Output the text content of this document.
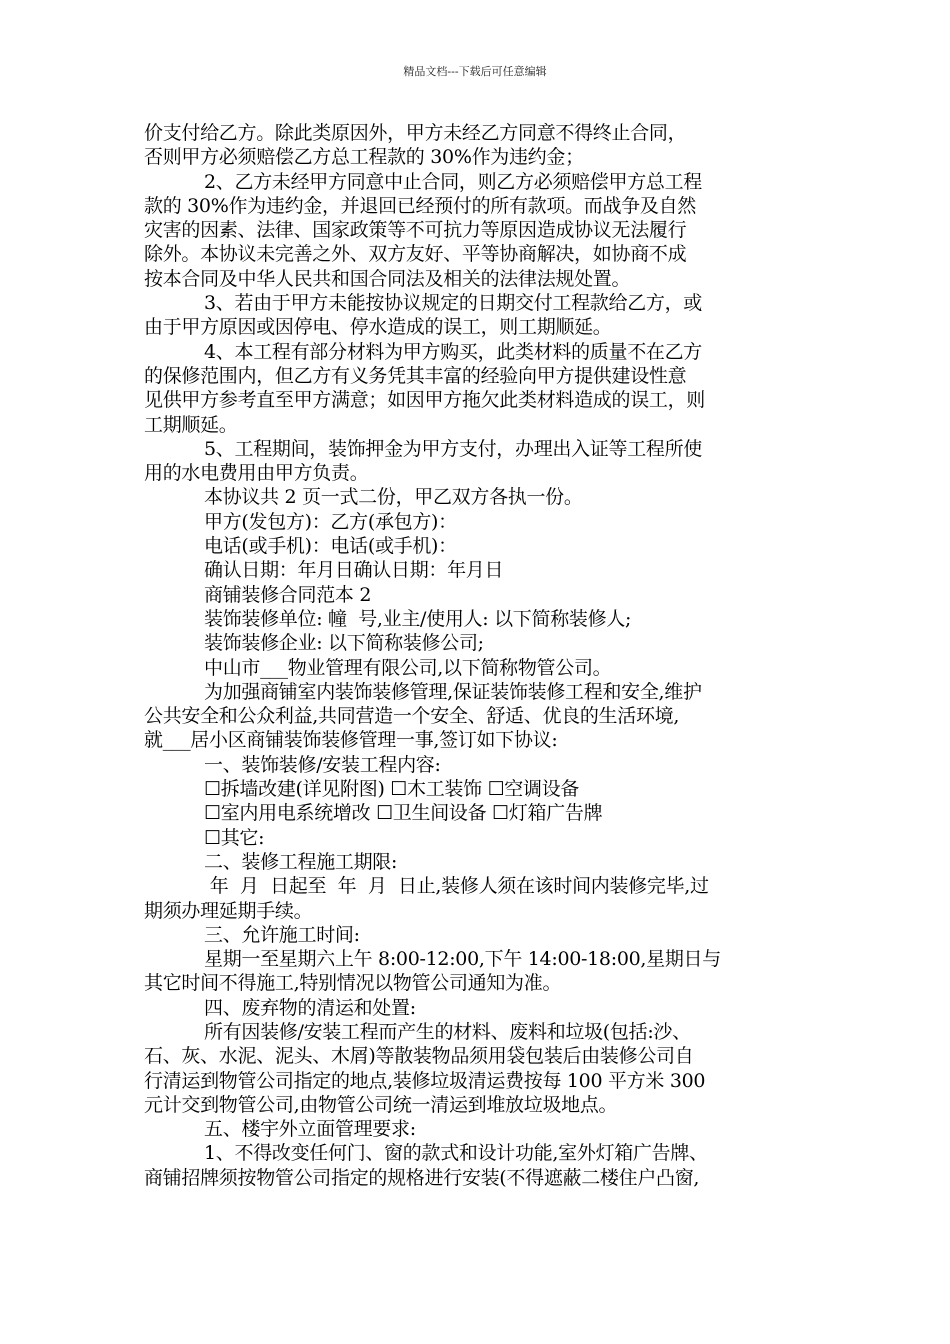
精品文档---下载后可任意编辑
价支付给乙方。除此类原因外，甲方未经乙方同意不得终止合同，
否则甲方必须赔偿乙方总工程款的 30%作为违约金；
2、乙方未经甲方同意中止合同，则乙方必须赔偿甲方总工程
款的 30%作为违约金，并退回已经预付的所有款项。而战争及自然
灾害的因素、法律、国家政策等不可抗力等原因造成协议无法履行
除外。本协议未完善之外、双方友好、平等协商解决，如协商不成
按本合同及中华人民共和国合同法及相关的法律法规处置。
3、若由于甲方未能按协议规定的日期交付工程款给乙方，或
由于甲方原因或因停电、停水造成的误工，则工期顺延。
4、本工程有部分材料为甲方购买，此类材料的质量不在乙方
的保修范围内，但乙方有义务凭其丰富的经验向甲方提供建设性意
见供甲方参考直至甲方满意；如因甲方拖欠此类材料造成的误工，则
工期顺延。
5、工程期间，装饰押金为甲方支付，办理出入证等工程所使
用的水电费用由甲方负责。
本协议共 2 页一式二份，甲乙双方各执一份。
甲方(发包方)：乙方(承包方)：
电话(或手机)：电话(或手机)：
确认日期：年月日确认日期：年月日
商铺装修合同范本 2
装饰装修单位: 幢  号,业主/使用人: 以下简称装修人;
装饰装修企业: 以下简称装修公司;
中山市___物业管理有限公司,以下简称物管公司。
为加强商铺室内装饰装修管理,保证装饰装修工程和安全,维护
公共安全和公众利益,共同营造一个安全、舒适、优良的生活环境,
就___居小区商铺装饰装修管理一事,签订如下协议:
一、装饰装修/安装工程内容:
☐拆墙改建(详见附图) ☐木工装饰 ☐空调设备
☐室内用电系统增改 ☐卫生间设备 ☐灯箱广告牌
☐其它:
二、装修工程施工期限:
年  月  日起至  年  月  日止,装修人须在该时间内装修完毕,过
期须办理延期手续。
三、允许施工时间:
星期一至星期六上午 8:00-12:00,下午 14:00-18:00,星期日与
其它时间不得施工,特别情况以物管公司通知为准。
四、废弃物的清运和处置:
所有因装修/安装工程而产生的材料、废料和垃圾(包括:沙、
石、灰、水泥、泥头、木屑)等散装物品须用袋包装后由装修公司自
行清运到物管公司指定的地点,装修垃圾清运费按每 100 平方米 300
元计交到物管公司,由物管公司统一清运到堆放垃圾地点。
五、楼宇外立面管理要求:
1、不得改变任何门、窗的款式和设计功能,室外灯箱广告牌、
商铺招牌须按物管公司指定的规格进行安装(不得遮蔽二楼住户凸窗,
